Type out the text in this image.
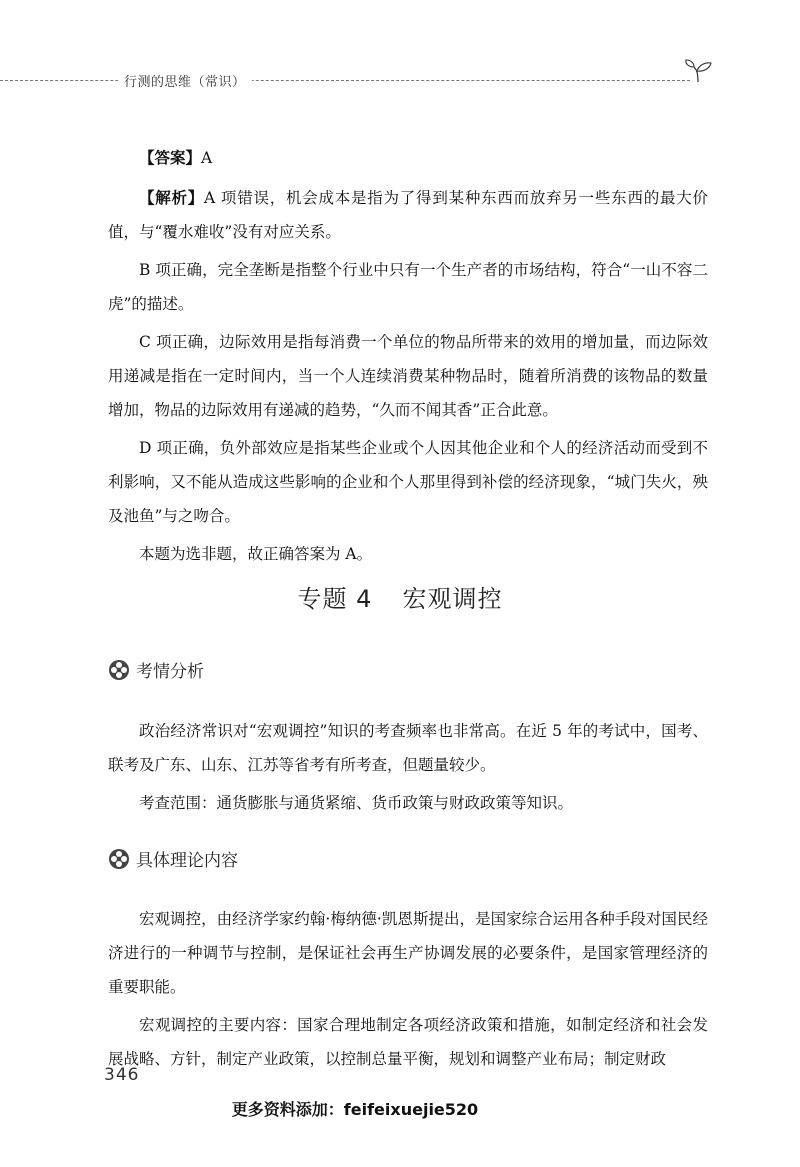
行测的思维（常识）

【答案】A

【解析】A 项错误，机会成本是指为了得到某种东西而放弃另一些东西的最大价值，与“覆水难收”没有对应关系。

B 项正确，完全垄断是指整个行业中只有一个生产者的市场结构，符合“一山不容二虎”的描述。

C 项正确，边际效用是指每消费一个单位的物品所带来的效用的增加量，而边际效用递减是指在一定时间内，当一个人连续消费某种物品时，随着所消费的该物品的数量增加，物品的边际效用有递减的趋势，“久而不闻其香”正合此意。

D 项正确，负外部效应是指某些企业或个人因其他企业和个人的经济活动而受到不利影响，又不能从造成这些影响的企业和个人那里得到补偿的经济现象，“城门失火，殃及池鱼”与之吻合。

本题为选非题，故正确答案为 A。

专题 4 宏观调控
考情分析

政治经济常识对“宏观调控”知识的考查频率也非常高。在近 5 年的考试中，国考、联考及广东、山东、江苏等省考有所考查，但题量较少。

考查范围：通货膨胀与通货紧缩、货币政策与财政政策等知识。

具体理论内容

宏观调控，由经济学家约翰·梅纳德·凯恩斯提出，是国家综合运用各种手段对国民经济进行的一种调节与控制，是保证社会再生产协调发展的必要条件，是国家管理经济的重要职能。

宏观调控的主要内容：国家合理地制定各项经济政策和措施，如制定经济和社会发展战略、方针，制定产业政策，以控制总量平衡，规划和调整产业布局；制定财政

346
更多资料添加：feifeixuejie520
